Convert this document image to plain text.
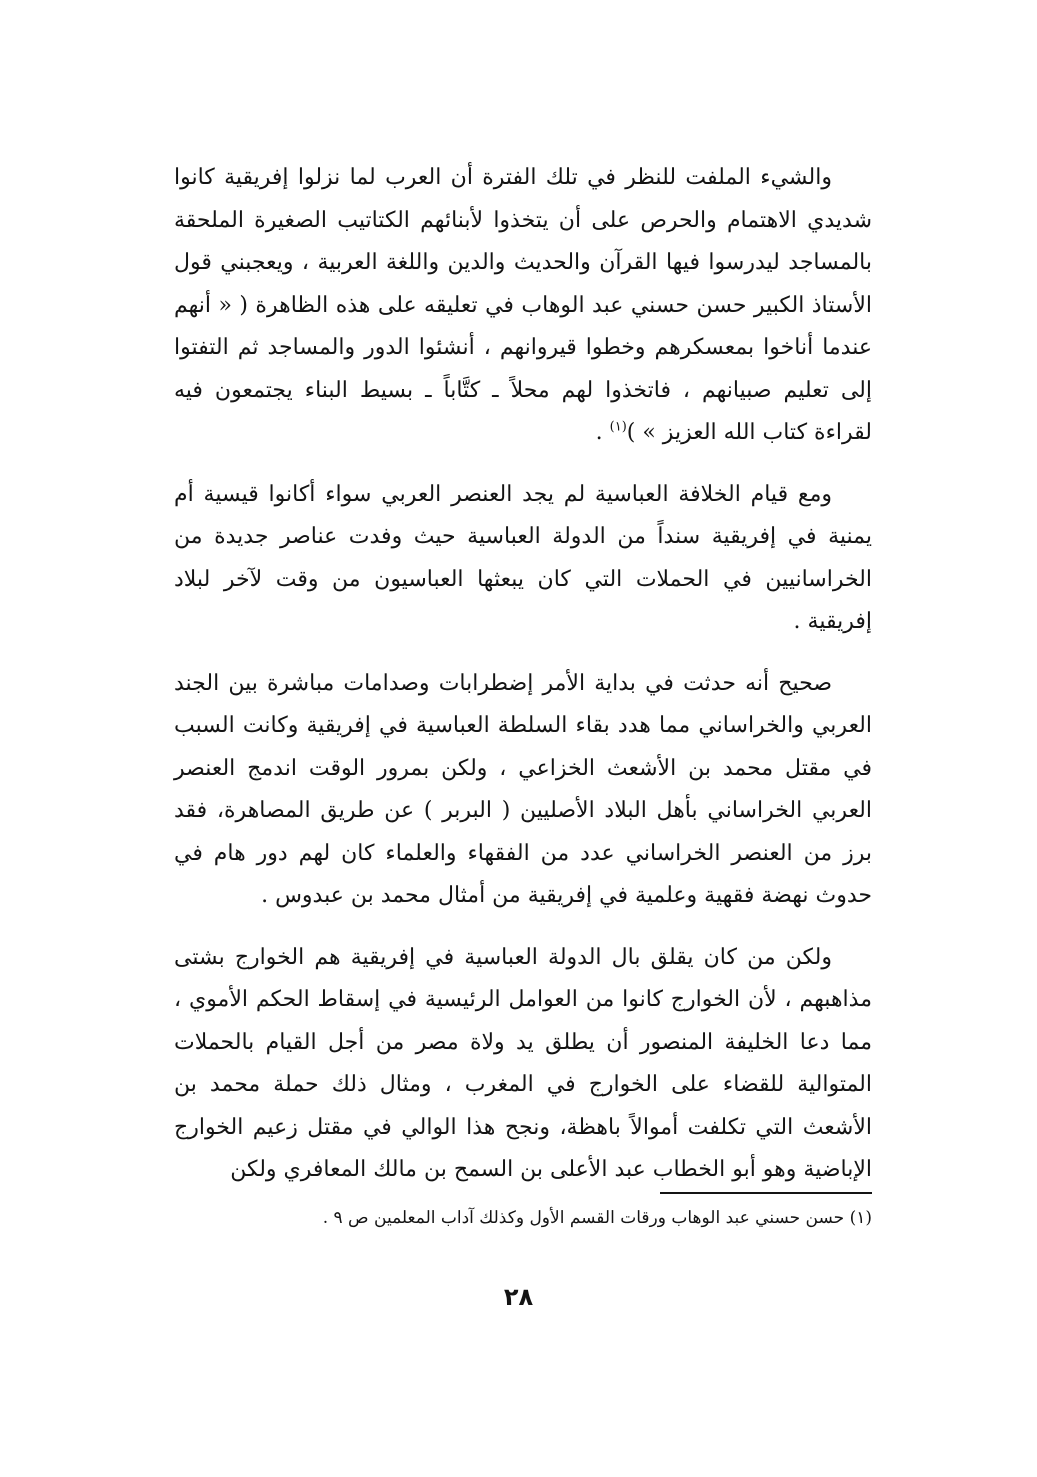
والشيء الملفت للنظر في تلك الفترة أن العرب لما نزلوا إفريقية كانوا شديدي الاهتمام والحرص على أن يتخذوا لأبنائهم الكتاتيب الصغيرة الملحقة بالمساجد ليدرسوا فيها القرآن والحديث والدين واللغة العربية ، ويعجبني قول الأستاذ الكبير حسن حسني عبد الوهاب في تعليقه على هذه الظاهرة ( « أنهم عندما أناخوا بمعسكرهم وخطوا قيروانهم ، أنشئوا الدور والمساجد ثم التفتوا إلى تعليم صبيانهم ، فاتخذوا لهم محلاً ـ كتَّاباً ـ بسيط البناء يجتمعون فيه لقراءة كتاب الله العزيز » )$^{(١)}$ .

ومع قيام الخلافة العباسية لم يجد العنصر العربي سواء أكانوا قيسية أم يمنية في إفريقية سنداً من الدولة العباسية حيث وفدت عناصر جديدة من الخراسانيين في الحملات التي كان يبعثها العباسيون من وقت لآخر لبلاد إفريقية .

صحيح أنه حدثت في بداية الأمر إضطرابات وصدامات مباشرة بين الجند العربي والخراساني مما هدد بقاء السلطة العباسية في إفريقية وكانت السبب في مقتل محمد بن الأشعث الخزاعي ، ولكن بمرور الوقت اندمج العنصر العربي الخراساني بأهل البلاد الأصليين ( البربر ) عن طريق المصاهرة، فقد برز من العنصر الخراساني عدد من الفقهاء والعلماء كان لهم دور هام في حدوث نهضة فقهية وعلمية في إفريقية من أمثال محمد بن عبدوس .

ولكن من كان يقلق بال الدولة العباسية في إفريقية هم الخوارج بشتى مذاهبهم ، لأن الخوارج كانوا من العوامل الرئيسية في إسقاط الحكم الأموي ، مما دعا الخليفة المنصور أن يطلق يد ولاة مصر من أجل القيام بالحملات المتوالية للقضاء على الخوارج في المغرب ، ومثال ذلك حملة محمد بن الأشعث التي تكلفت أموالاً باهظة، ونجح هذا الوالي في مقتل زعيم الخوارج الإباضية وهو أبو الخطاب عبد الأعلى بن السمح بن مالك المعافري ولكن

(١) حسن حسني عبد الوهاب ورقات القسم الأول وكذلك آداب المعلمين ص ٩ .

٢٨
